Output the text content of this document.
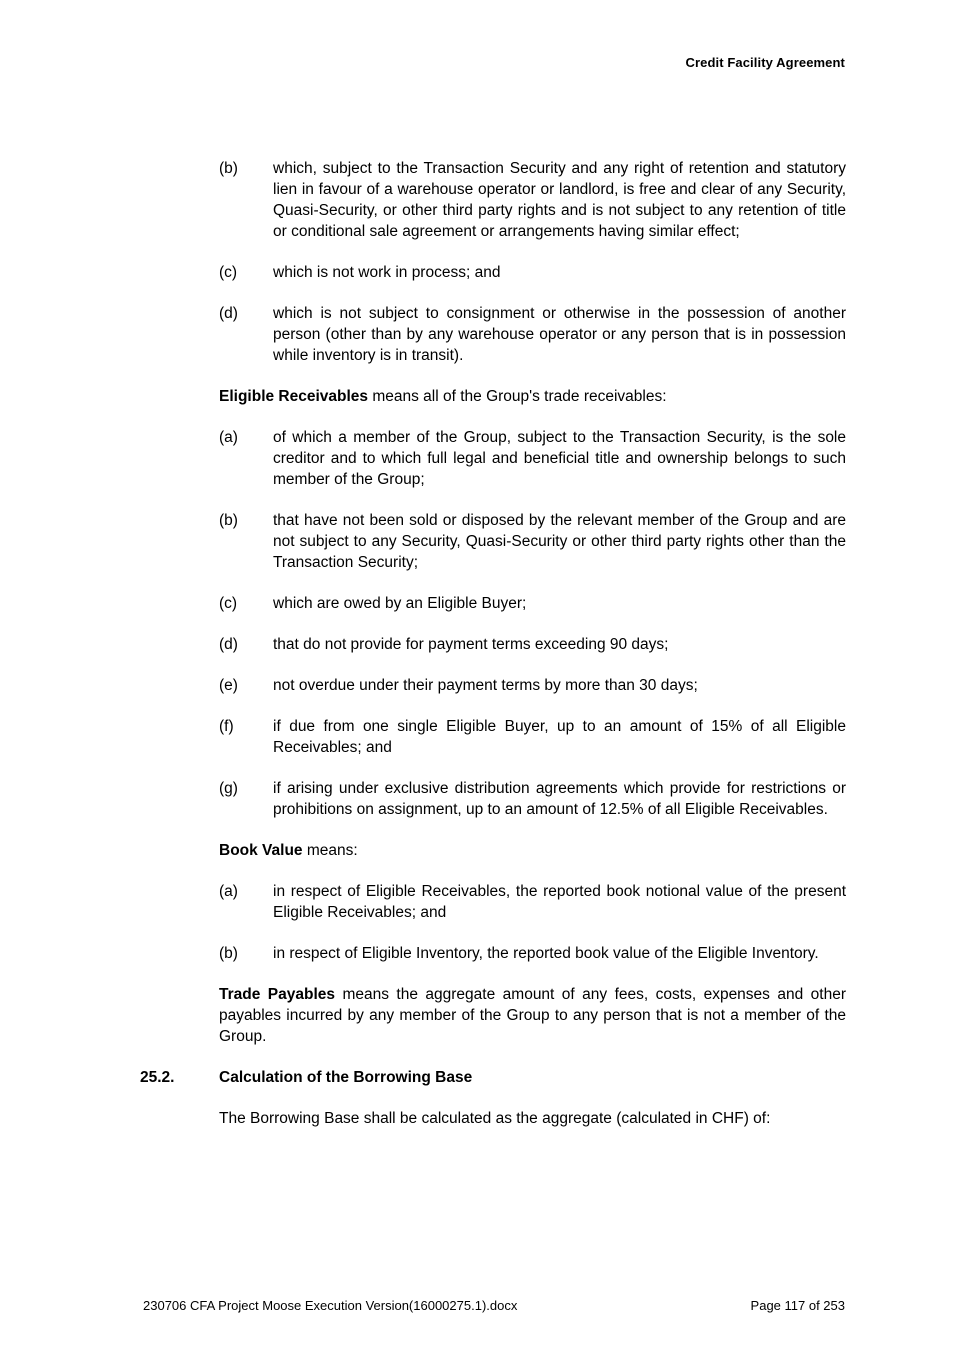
Credit Facility Agreement
(b)	which, subject to the Transaction Security and any right of retention and statutory lien in favour of a warehouse operator or landlord, is free and clear of any Security, Quasi-Security, or other third party rights and is not subject to any retention of title or conditional sale agreement or arrangements having similar effect;
(c)	which is not work in process; and
(d)	which is not subject to consignment or otherwise in the possession of another person (other than by any warehouse operator or any person that is in possession while inventory is in transit).

Eligible Receivables means all of the Group's trade receivables:

(a)	of which a member of the Group, subject to the Transaction Security, is the sole creditor and to which full legal and beneficial title and ownership belongs to such member of the Group;
(b)	that have not been sold or disposed by the relevant member of the Group and are not subject to any Security, Quasi-Security or other third party rights other than the Transaction Security;
(c)	which are owed by an Eligible Buyer;
(d)	that do not provide for payment terms exceeding 90 days;
(e)	not overdue under their payment terms by more than 30 days;
(f)	if due from one single Eligible Buyer, up to an amount of 15% of all Eligible Receivables; and
(g)	if arising under exclusive distribution agreements which provide for restrictions or prohibitions on assignment, up to an amount of 12.5% of all Eligible Receivables.

Book Value means:

(a)	in respect of Eligible Receivables, the reported book notional value of the present Eligible Receivables; and
(b)	in respect of Eligible Inventory, the reported book value of the Eligible Inventory.

Trade Payables means the aggregate amount of any fees, costs, expenses and other payables incurred by any member of the Group to any person that is not a member of the Group.

25.2.	Calculation of the Borrowing Base

The Borrowing Base shall be calculated as the aggregate (calculated in CHF) of:

230706 CFA Project Moose Execution Version(16000275.1).docx	Page 117 of 253
